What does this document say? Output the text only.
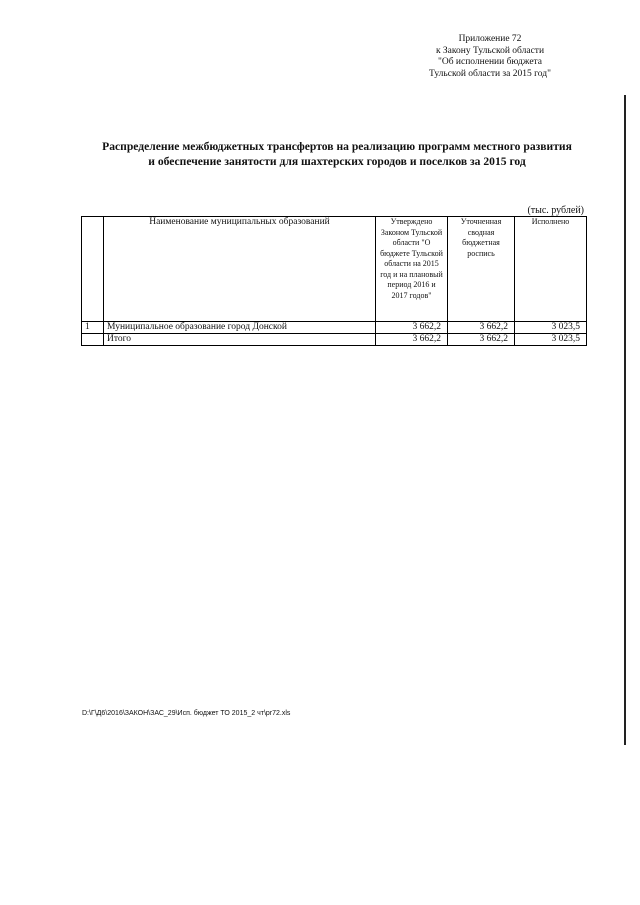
Приложение 72
к Закону Тульской области
"Об исполнении бюджета
Тульской области за 2015 год"
Распределение межбюджетных трансфертов на реализацию программ местного развития
и обеспечение занятости для шахтерских городов и поселков за 2015 год
(тыс. рублей)
	Наименование муниципальных образований	Утверждено Законом Тульской области "О бюджете Тульской области на 2015 год и на плановый период 2016 и 2017 годов"	Уточненная сводная бюджетная роспись	Исполнено
1	Муниципальное образование город Донской	3 662,2	3 662,2	3 023,5
	Итого	3 662,2	3 662,2	3 023,5
D:\Г\Д6\2016\ЗАКОН\ЗАС_29\Исп. бюджет ТО 2015_2 чт\pr72.xls
